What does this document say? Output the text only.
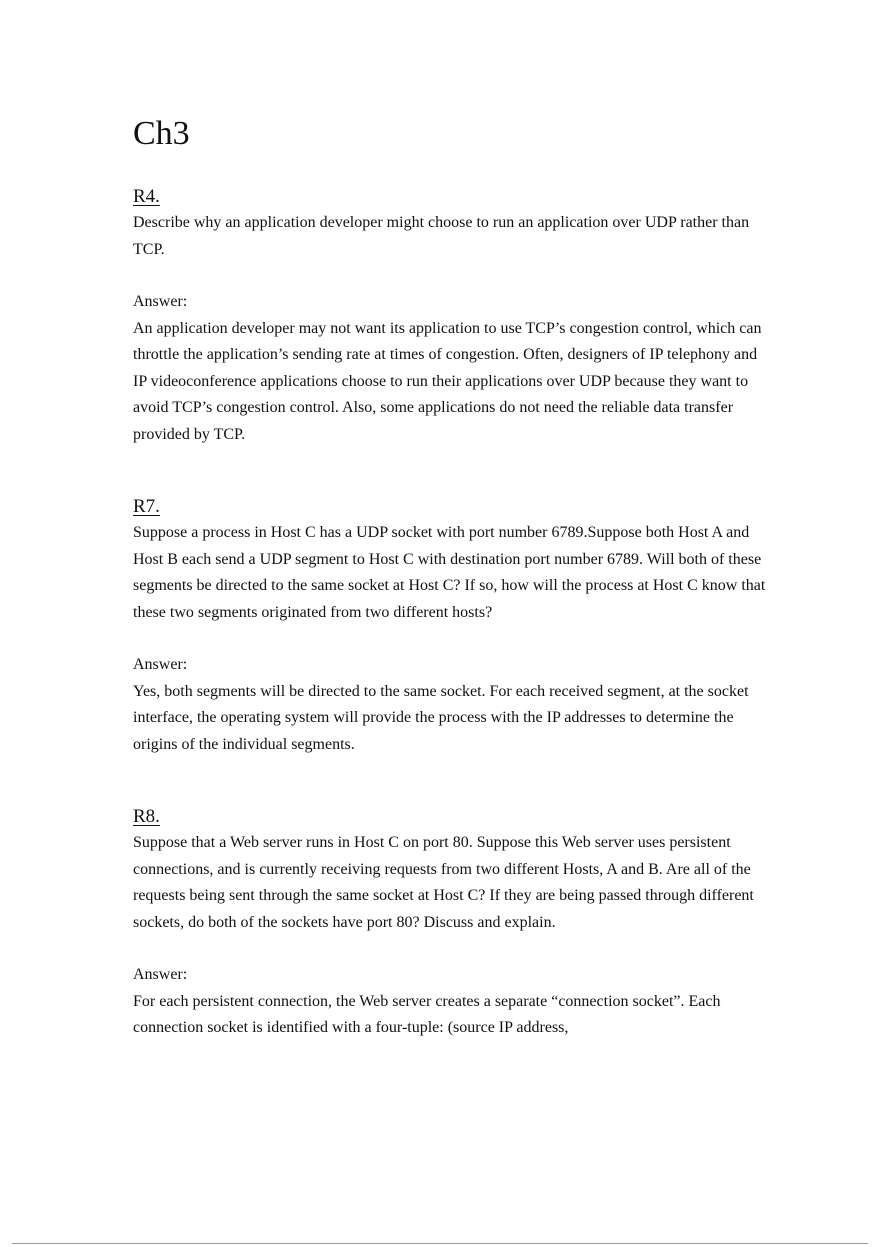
Ch3
R4.

Describe why an application developer might choose to run an application over UDP rather than TCP.

Answer:

An application developer may not want its application to use TCP’s congestion control, which can throttle the application’s sending rate at times of congestion. Often, designers of IP telephony and IP videoconference applications choose to run their applications over UDP because they want to avoid TCP’s congestion control. Also, some applications do not need the reliable data transfer provided by TCP.

R7.

Suppose a process in Host C has a UDP socket with port number 6789.Suppose both Host A and Host B each send a UDP segment to Host C with destination port number 6789. Will both of these segments be directed to the same socket at Host C? If so, how will the process at Host C know that these two segments originated from two different hosts?

Answer:

Yes, both segments will be directed to the same socket. For each received segment, at the socket interface, the operating system will provide the process with the IP addresses to determine the origins of the individual segments.

R8.

Suppose that a Web server runs in Host C on port 80. Suppose this Web server uses persistent connections, and is currently receiving requests from two different Hosts, A and B. Are all of the requests being sent through the same socket at Host C? If they are being passed through different sockets, do both of the sockets have port 80? Discuss and explain.

Answer:

For each persistent connection, the Web server creates a separate “connection socket”. Each connection socket is identified with a four-tuple: (source IP address,
